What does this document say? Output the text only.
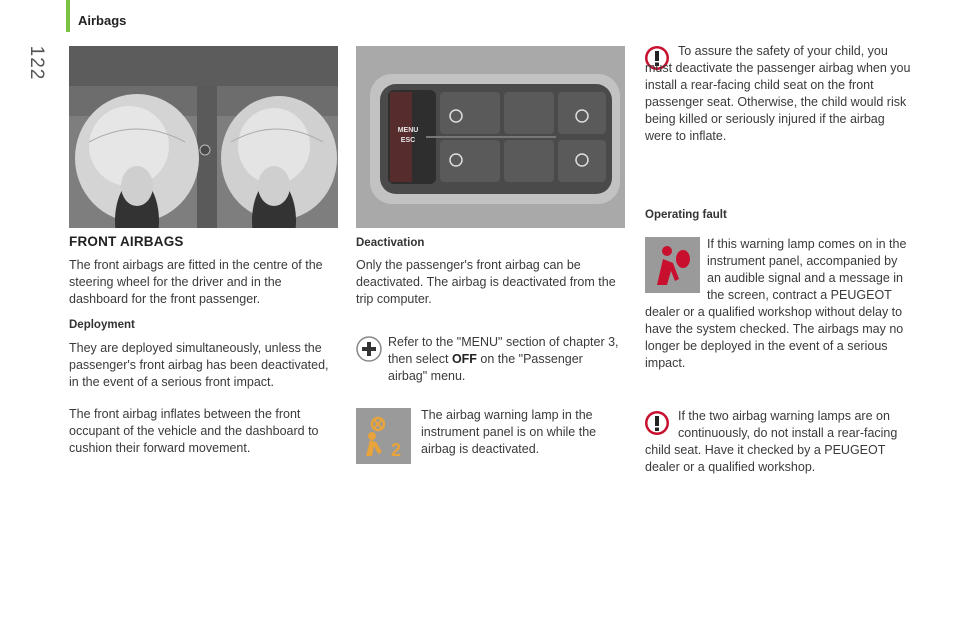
Airbags
122
FRONT AIRBAGS
The front airbags are fitted in the centre of the steering wheel for the driver and in the dashboard for the front passenger.
Deployment
They are deployed simultaneously, unless the passenger's front airbag has been deactivated, in the event of a serious front impact.
The front airbag inflates between the front occupant of the vehicle and the dashboard to cushion their forward movement.
MENU
ESC
Deactivation
Only the passenger's front airbag can be deactivated. The airbag is deactivated from the trip computer.
Refer to the "MENU" section of chapter 3, then select OFF on the "Passenger airbag" menu.
2
The airbag warning lamp in the instrument panel is on while the airbag is deactivated.
To assure the safety of your child, you must deactivate the passenger airbag when you install a rear-facing child seat on the front passenger seat. Otherwise, the child would risk being killed or seriously injured if the airbag were to inflate.
Operating fault
If this warning lamp comes on in the instrument panel, accompanied by an audible signal and a message in the screen, contract a PEUGEOT dealer or a qualified workshop without delay to have the system checked. The airbags may no longer be deployed in the event of a serious impact.
If the two airbag warning lamps are on continuously, do not install a rear-facing child seat. Have it checked by a PEUGEOT dealer or a qualified workshop.
